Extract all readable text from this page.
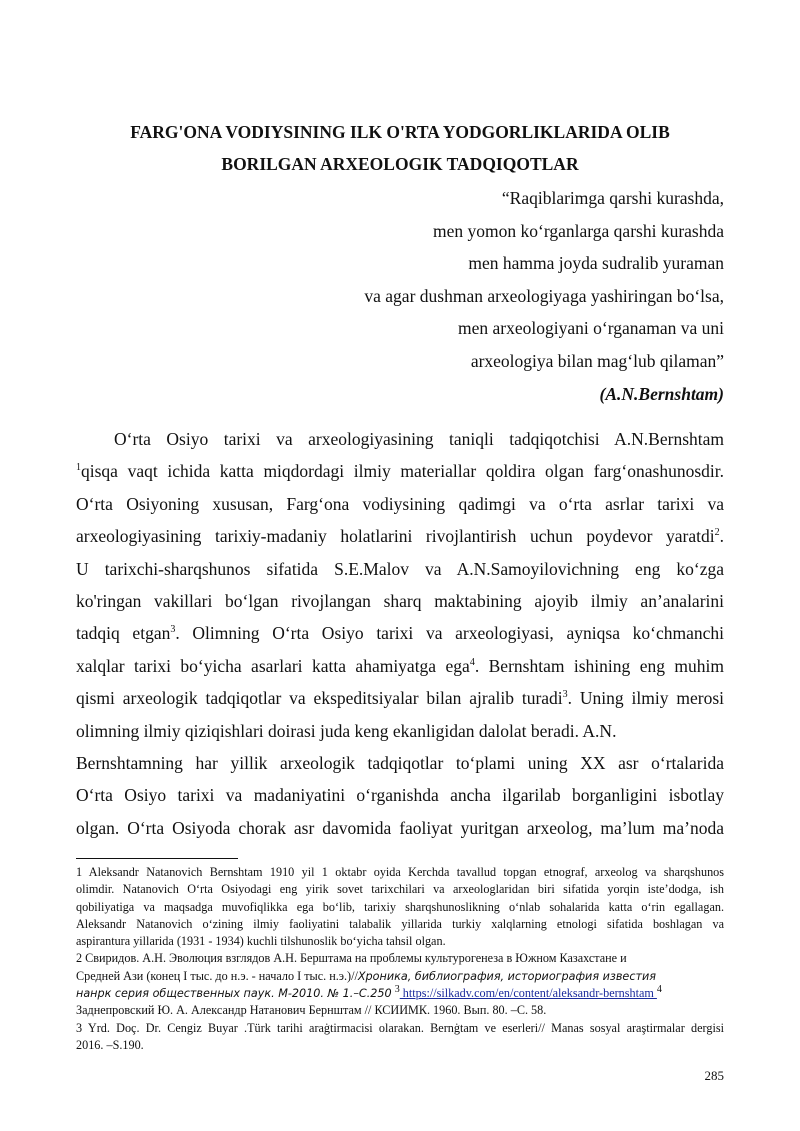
FARG'ONA VODIYSINING ILK O'RTA YODGORLIKLARIDA OLIB
BORILGAN ARXEOLOGIK TADQIQOTLAR
“Raqiblarimga qarshi kurashda,
men yomon ko‘rganlarga qarshi kurashda
men hamma joyda sudralib yuraman
va agar dushman arxeologiyaga yashiringan bo‘lsa,
men arxeologiyani o‘rganaman va uni
arxeologiya bilan mag‘lub qilaman”
(A.N.Bernshtam)
O‘rta Osiyo tarixi va arxeologiyasining taniqli tadqiqotchisi A.N.Bernshtam
$^1$qisqa vaqt ichida katta miqdordagi ilmiy materiallar qoldira olgan farg‘onashunosdir.
O‘rta Osiyoning xususan, Farg‘ona vodiysining qadimgi va o‘rta asrlar tarixi va
arxeologiyasining tarixiy-madaniy holatlarini rivojlantirish uchun poydevor yaratdi$^2$.
U tarixchi-sharqshunos sifatida S.E.Malov va A.N.Samoyilovichning eng ko‘zga
ko'ringan vakillari bo‘lgan rivojlangan sharq maktabining ajoyib ilmiy an’analarini
tadqiq etgan$^3$. Olimning O‘rta Osiyo tarixi va arxeologiyasi, ayniqsa ko‘chmanchi
xalqlar tarixi bo‘yicha asarlari katta ahamiyatga ega$^4$. Bernshtam ishining eng muhim
qismi arxeologik tadqiqotlar va ekspeditsiyalar bilan ajralib turadi$^3$. Uning ilmiy merosi
olimning ilmiy qiziqishlari doirasi juda keng ekanligidan dalolat beradi. A.N.
Bernshtamning har yillik arxeologik tadqiqotlar to‘plami uning XX asr o‘rtalarida
O‘rta Osiyo tarixi va madaniyatini o‘rganishda ancha ilgarilab borganligini isbotlay
olgan. O‘rta Osiyoda chorak asr davomida faoliyat yuritgan arxeolog, ma’lum ma’noda
1 Aleksandr Natanovich Bernshtam 1910 yil 1 oktabr oyida Kerchda tavallud topgan etnograf, arxeolog va sharqshunos
olimdir. Natanovich O‘rta Osiyodagi eng yirik sovet tarixchilari va arxeologlaridan biri sifatida yorqin iste’dodga, ish
qobiliyatiga va maqsadga muvofiqlikka ega bo‘lib, tarixiy sharqshunoslikning o‘nlab sohalarida katta o‘rin egallagan.
Aleksandr Natanovich o‘zining ilmiy faoliyatini talabalik yillarida turkiy xalqlarning etnologi sifatida boshlagan va
aspirantura yillarida (1931 - 1934) kuchli tilshunoslik bo‘yicha tahsil olgan.
2 Свиридов. А.Н. Эволюция взглядов А.Н. Берштама на проблемы культурогенеза в Южном Казахстане и
Средней Ази (конец I тыс. до н.э. - начало I тыс. н.э.)//Хроника, библиография, историография известия
нанрк серия общественных паук. М-2010. № 1.–С.250 $^3$ https://silkadv.com/en/content/aleksandr-bernshtam $^4$
Заднепровский Ю. А. Александр Натанович Бернштам // КСИИМК. 1960. Вып. 80. –С. 58.
3 Yrd. Doç. Dr. Cengiz Buyar .Türk tarihi araġtirmacisi olarakan. Bernġtam ve eserleri// Manas sosyal araştirmalar dergisi
2016. –S.190.
285
